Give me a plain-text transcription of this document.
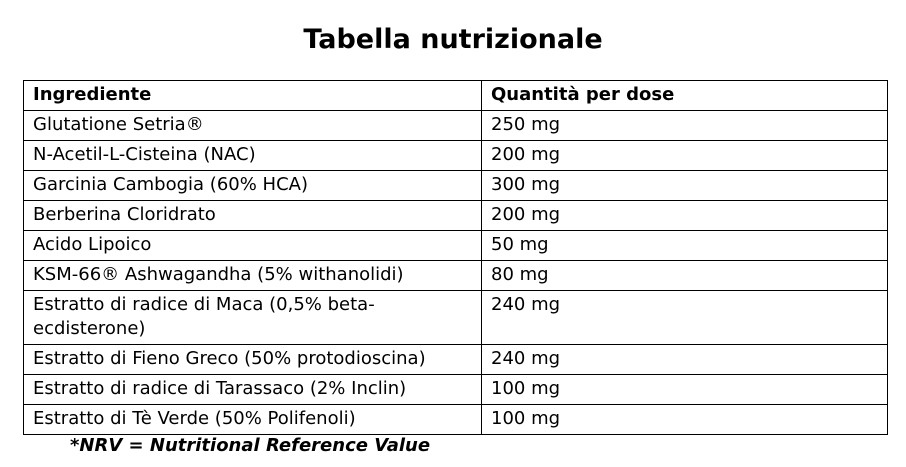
Tabella nutrizionale
Ingrediente	Quantità per dose
Glutatione Setria®	250 mg
N-Acetil-L-Cisteina (NAC)	200 mg
Garcinia Cambogia (60% HCA)	300 mg
Berberina Cloridrato	200 mg
Acido Lipoico	50 mg
KSM-66® Ashwagandha (5% withanolidi)	80 mg
Estratto di radice di Maca (0,5% beta-ecdisterone)	240 mg
Estratto di Fieno Greco (50% protodioscina)	240 mg
Estratto di radice di Tarassaco (2% Inclin)	100 mg
Estratto di Tè Verde (50% Polifenoli)	100 mg
*NRV = Nutritional Reference Value
